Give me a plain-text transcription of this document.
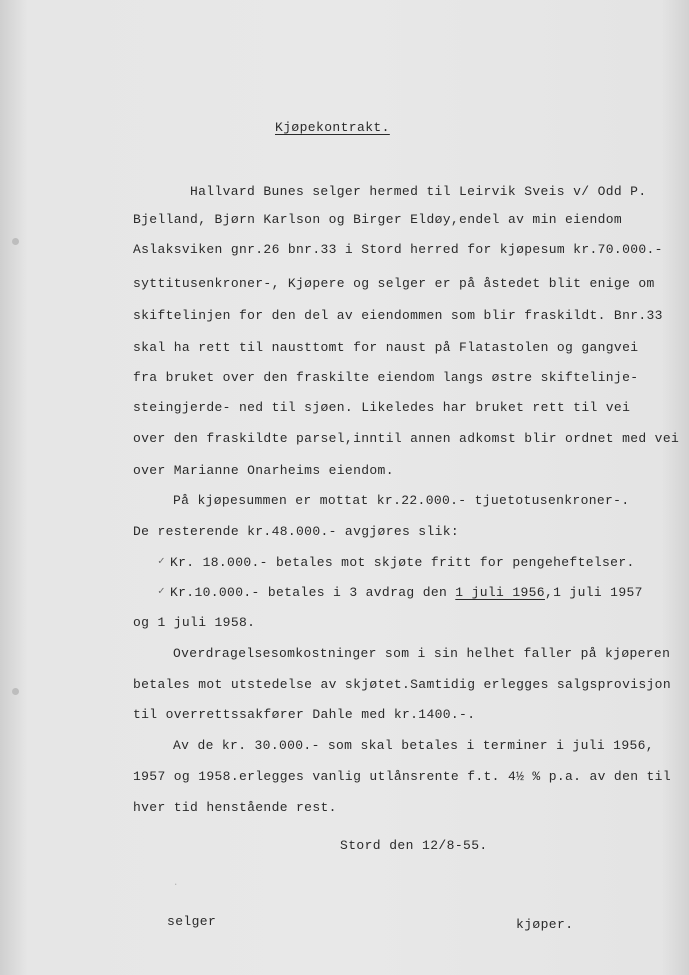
Kjøpekontrakt.
Hallvard Bunes selger hermed til Leirvik Sveis v/ Odd P.
Bjelland, Bjørn Karlson og Birger Eldøy,endel av min eiendom
Aslaksviken gnr.26 bnr.33 i Stord herred for kjøpesum kr.70.000.-
syttitusenkroner-, Kjøpere og selger er på åstedet blit enige om
skiftelinjen for den del av eiendommen som blir fraskildt. Bnr.33
skal ha rett til nausttomt for naust på Flatastolen og gangvei
fra bruket over den fraskilte eiendom langs østre skiftelinje-
steingjerde- ned til sjøen. Likeledes har bruket rett til vei
over den fraskildte parsel,inntil annen adkomst blir ordnet med vei
over Marianne Onarheims eiendom.
På kjøpesummen er mottat kr.22.000.- tjuetotusenkroner-.
De resterende kr.48.000.- avgjøres slik:
✓ Kr. 18.000.- betales mot skjøte fritt for pengeheftelser.
✓ Kr.10.000.- betales i 3 avdrag den 1 juli 1956,1 juli 1957
og 1 juli 1958.
Overdragelsesomkostninger som i sin helhet faller på kjøperen
betales mot utstedelse av skjøtet.Samtidig erlegges salgsprovisjon
til overrettssakfører Dahle med kr.1400.-.
Av de kr. 30.000.- som skal betales i terminer i juli 1956,
1957 og 1958.erlegges vanlig utlånsrente f.t. 4½ % p.a. av den til
hver tid henstående rest.
Stord den 12/8-55.
·
selger	kjøper.
